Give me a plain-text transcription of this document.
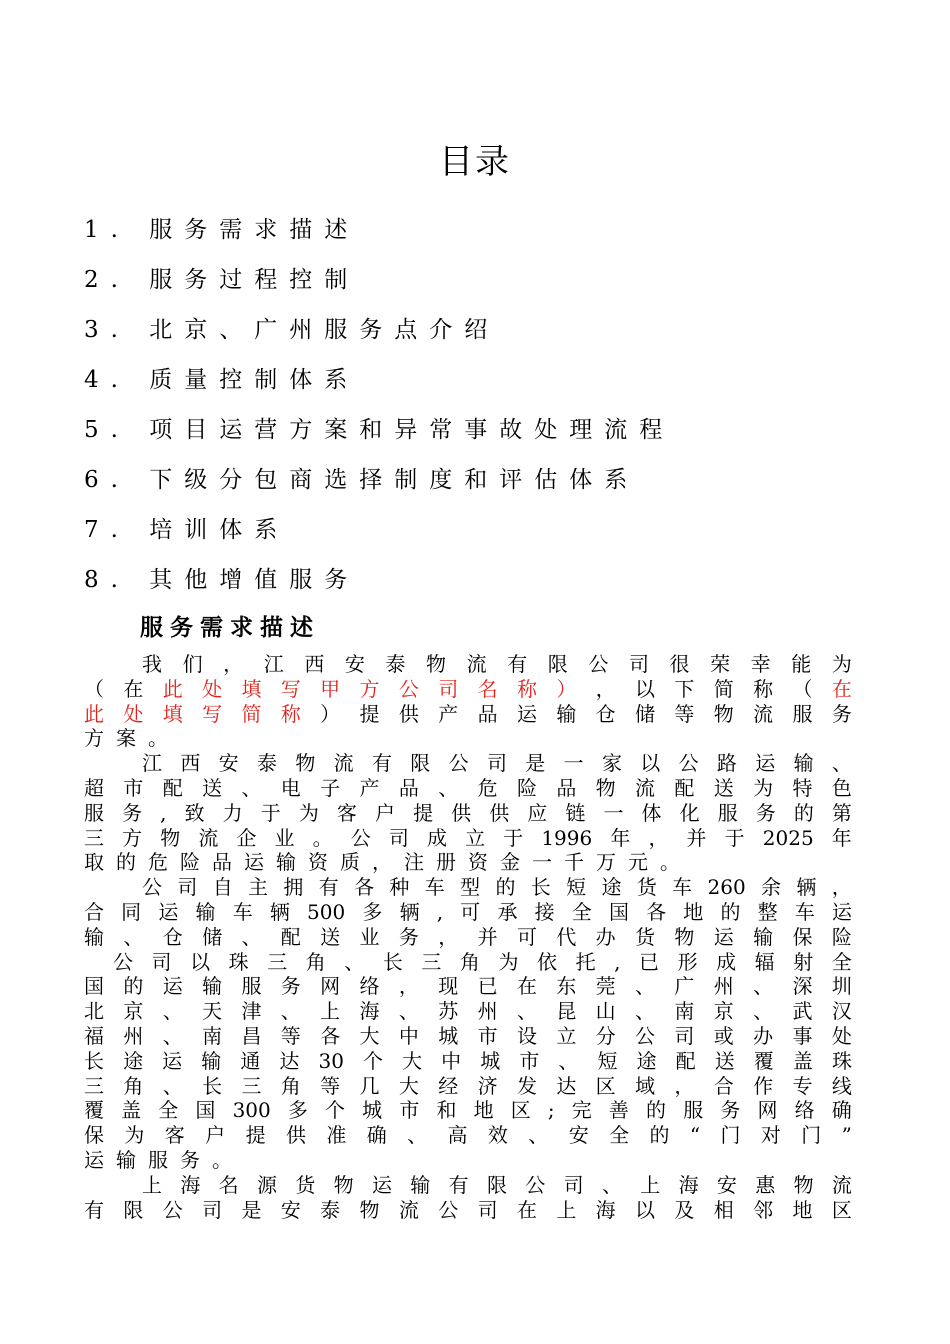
目录
1. 服务需求描述
2. 服务过程控制
3. 北京、广州服务点介绍
4. 质量控制体系
5. 项目运营方案和异常事故处理流程
6. 下级分包商选择制度和评估体系
7. 培训体系
8. 其他增值服务
服务需求描述
我 们 ， 江 西 安 泰 物 流 有 限 公 司 很 荣 幸 能 为
（ 在 此 处 填 写 甲 方 公 司 名 称 ） ， 以 下 简 称 （ 在
此 处 填 写 简 称 ） 提 供 产 品 运 输 仓 储 等 物 流 服 务
方 案 。
江 西 安 泰 物 流 有 限 公 司 是 一 家 以 公 路 运 输 、
超 市 配 送 、 电 子 产 品 、 危 险 品 物 流 配 送 为 特 色
服 务 , 致 力 于 为 客 户 提 供 供 应 链 一 体 化 服 务 的 第
三 方 物 流 企 业 。 公 司 成 立 于 1996 年 ， 并 于 2025 年
取 的 危 险 品 运 输 资 质 ， 注 册 资 金 一 千 万 元 。
公 司 自 主 拥 有 各 种 车 型 的 长 短 途 货 车 260 余 辆 ，
合 同 运 输 车 辆 500 多 辆 , 可 承 接 全 国 各 地 的 整 车 运
输 、 仓 储 、 配 送 业 务 ， 并 可 代 办 货 物 运 输 保 险
公 司 以 珠 三 角 、 长 三 角 为 依 托 , 已 形 成 辐 射 全
国 的 运 输 服 务 网 络 ， 现 已 在 东 莞 、 广 州 、 深 圳
北 京 、 天 津 、 上 海 、 苏 州 、 昆 山 、 南 京 、 武 汉
福 州 、 南 昌 等 各 大 中 城 市 设 立 分 公 司 或 办 事 处
长 途 运 输 通 达 30 个 大 中 城 市 、 短 途 配 送 覆 盖 珠
三 角 、 长 三 角 等 几 大 经 济 发 达 区 域 ， 合 作 专 线
覆 盖 全 国 300 多 个 城 市 和 地 区 ; 完 善 的 服 务 网 络 确
保 为 客 户 提 供 准 确 、 高 效 、 安 全 的 “ 门 对 门 ”
运 输 服 务 。
上 海 名 源 货 物 运 输 有 限 公 司 、 上 海 安 惠 物 流
有 限 公 司 是 安 泰 物 流 公 司 在 上 海 以 及 相 邻 地 区
